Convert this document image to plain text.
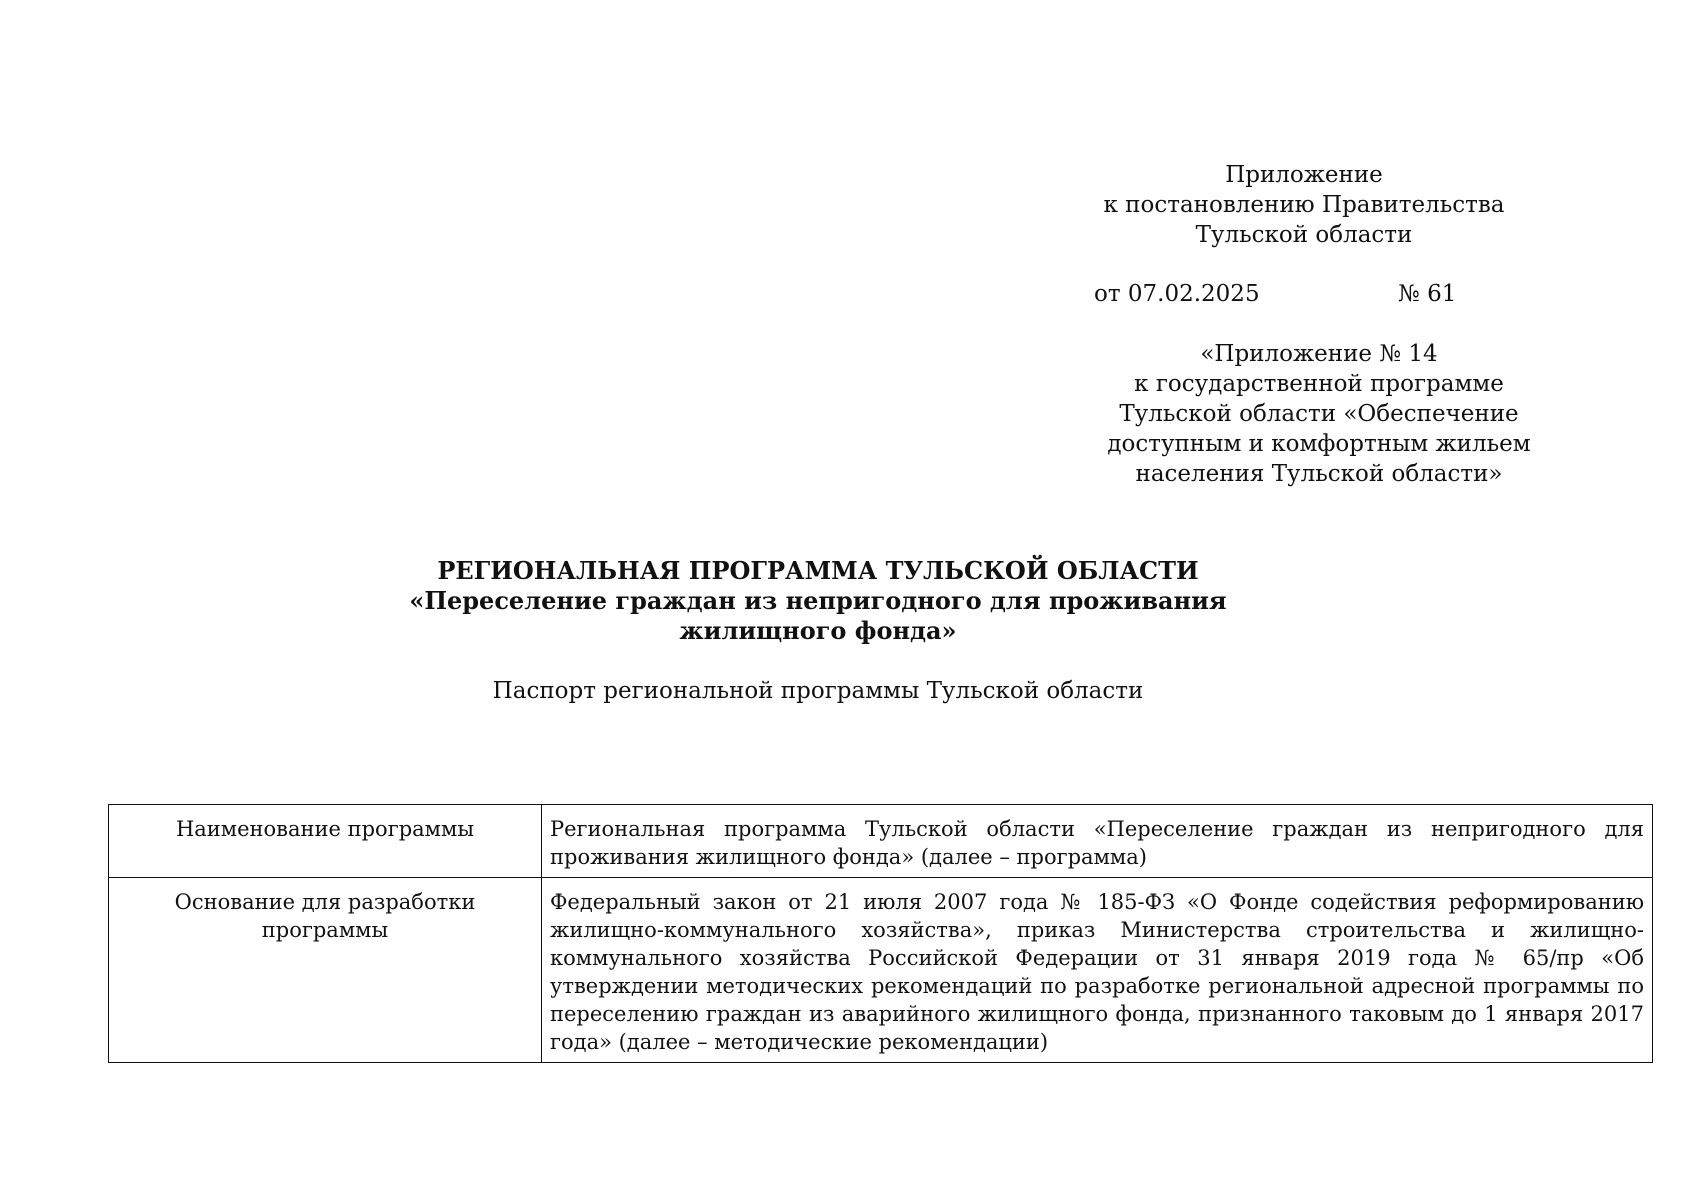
Приложение
к постановлению Правительства
Тульской области
от 07.02.2025	№ 61
«Приложение № 14
к государственной программе
Тульской области «Обеспечение
доступным и комфортным жильем
населения Тульской области»
РЕГИОНАЛЬНАЯ ПРОГРАММА ТУЛЬСКОЙ ОБЛАСТИ
«Переселение граждан из непригодного для проживания
жилищного фонда»
Паспорт региональной программы Тульской области
Наименование программы	Региональная программа Тульской области «Переселение граждан из непригодного для проживания жилищного фонда» (далее – программа)
Основание для разработки программы	Федеральный закон от 21 июля 2007 года № 185-ФЗ «О Фонде содействия реформированию жилищно-коммунального хозяйства», приказ Министерства строительства и жилищно-коммунального хозяйства Российской Федерации от 31 января 2019 года № 65/пр «Об утверждении методических рекомендаций по разработке региональной адресной программы по переселению граждан из аварийного жилищного фонда, признанного таковым до 1 января 2017 года» (далее – методические рекомендации)
